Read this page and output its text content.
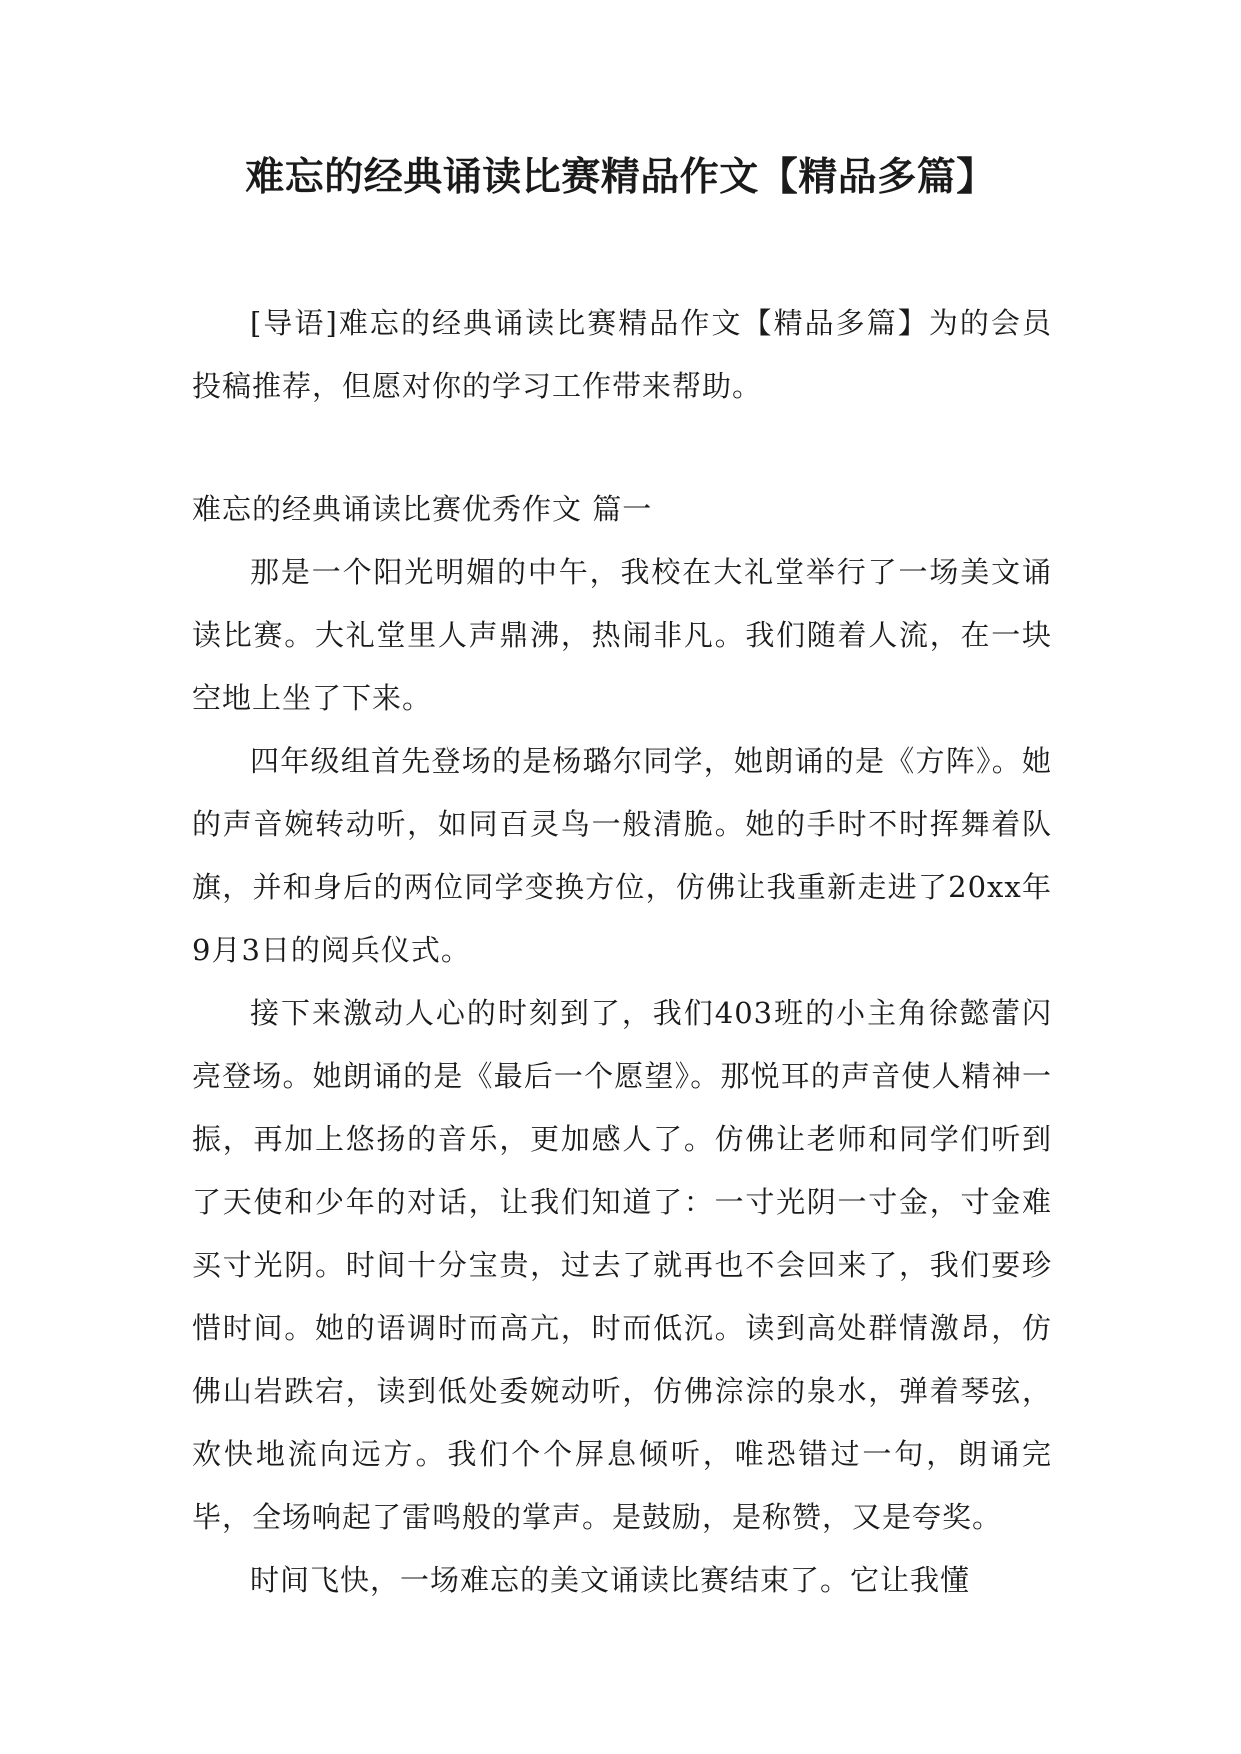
难忘的经典诵读比赛精品作文【精品多篇】

[导语]难忘的经典诵读比赛精品作文【精品多篇】为的会员投稿推荐，但愿对你的学习工作带来帮助。

难忘的经典诵读比赛优秀作文 篇一

那是一个阳光明媚的中午，我校在大礼堂举行了一场美文诵读比赛。大礼堂里人声鼎沸，热闹非凡。我们随着人流，在一块空地上坐了下来。

四年级组首先登场的是杨璐尔同学，她朗诵的是《方阵》。她的声音婉转动听，如同百灵鸟一般清脆。她的手时不时挥舞着队旗，并和身后的两位同学变换方位，仿佛让我重新走进了20xx年9月3日的阅兵仪式。

接下来激动人心的时刻到了，我们403班的小主角徐懿蕾闪亮登场。她朗诵的是《最后一个愿望》。那悦耳的声音使人精神一振，再加上悠扬的音乐，更加感人了。仿佛让老师和同学们听到了天使和少年的对话，让我们知道了：一寸光阴一寸金，寸金难买寸光阴。时间十分宝贵，过去了就再也不会回来了，我们要珍惜时间。她的语调时而高亢，时而低沉。读到高处群情激昂，仿佛山岩跌宕，读到低处委婉动听，仿佛淙淙的泉水，弹着琴弦，欢快地流向远方。我们个个屏息倾听，唯恐错过一句，朗诵完毕，全场响起了雷鸣般的掌声。是鼓励，是称赞，又是夸奖。

时间飞快，一场难忘的美文诵读比赛结束了。它让我懂
